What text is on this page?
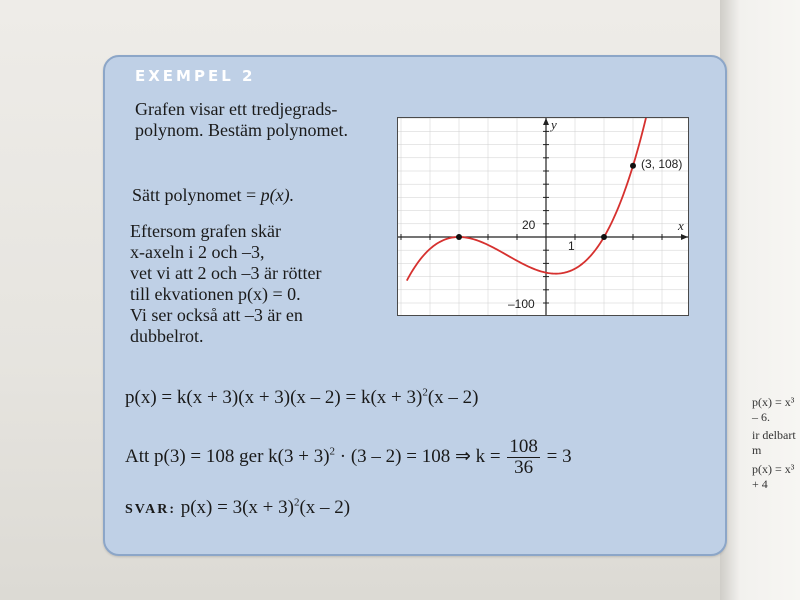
p(x) = x³ – 6.
ir delbart m
p(x) = x³ + 4
EXEMPEL 2
Grafen visar ett tredjegrads-
polynom. Bestäm polynomet.
Sätt polynomet = p(x).
Eftersom grafen skär
x-axeln i 2 och –3,
vet vi att 2 och –3 är rötter
till ekvationen p(x) = 0.
Vi ser också att –3 är en
dubbelrot.
y
x
20
1
–100
(3, 108)
$p(x) = k(x + 3)(x + 3)(x - 2) = k(x + 3)^2(x - 2)$
Att p(3) = 108 ger $k(3 + 3)^2 \cdot (3 - 2) = 108$ ⇒ $k = \frac{108}{36} = 3$
SVAR: $p(x) = 3(x + 3)^2(x - 2)$
